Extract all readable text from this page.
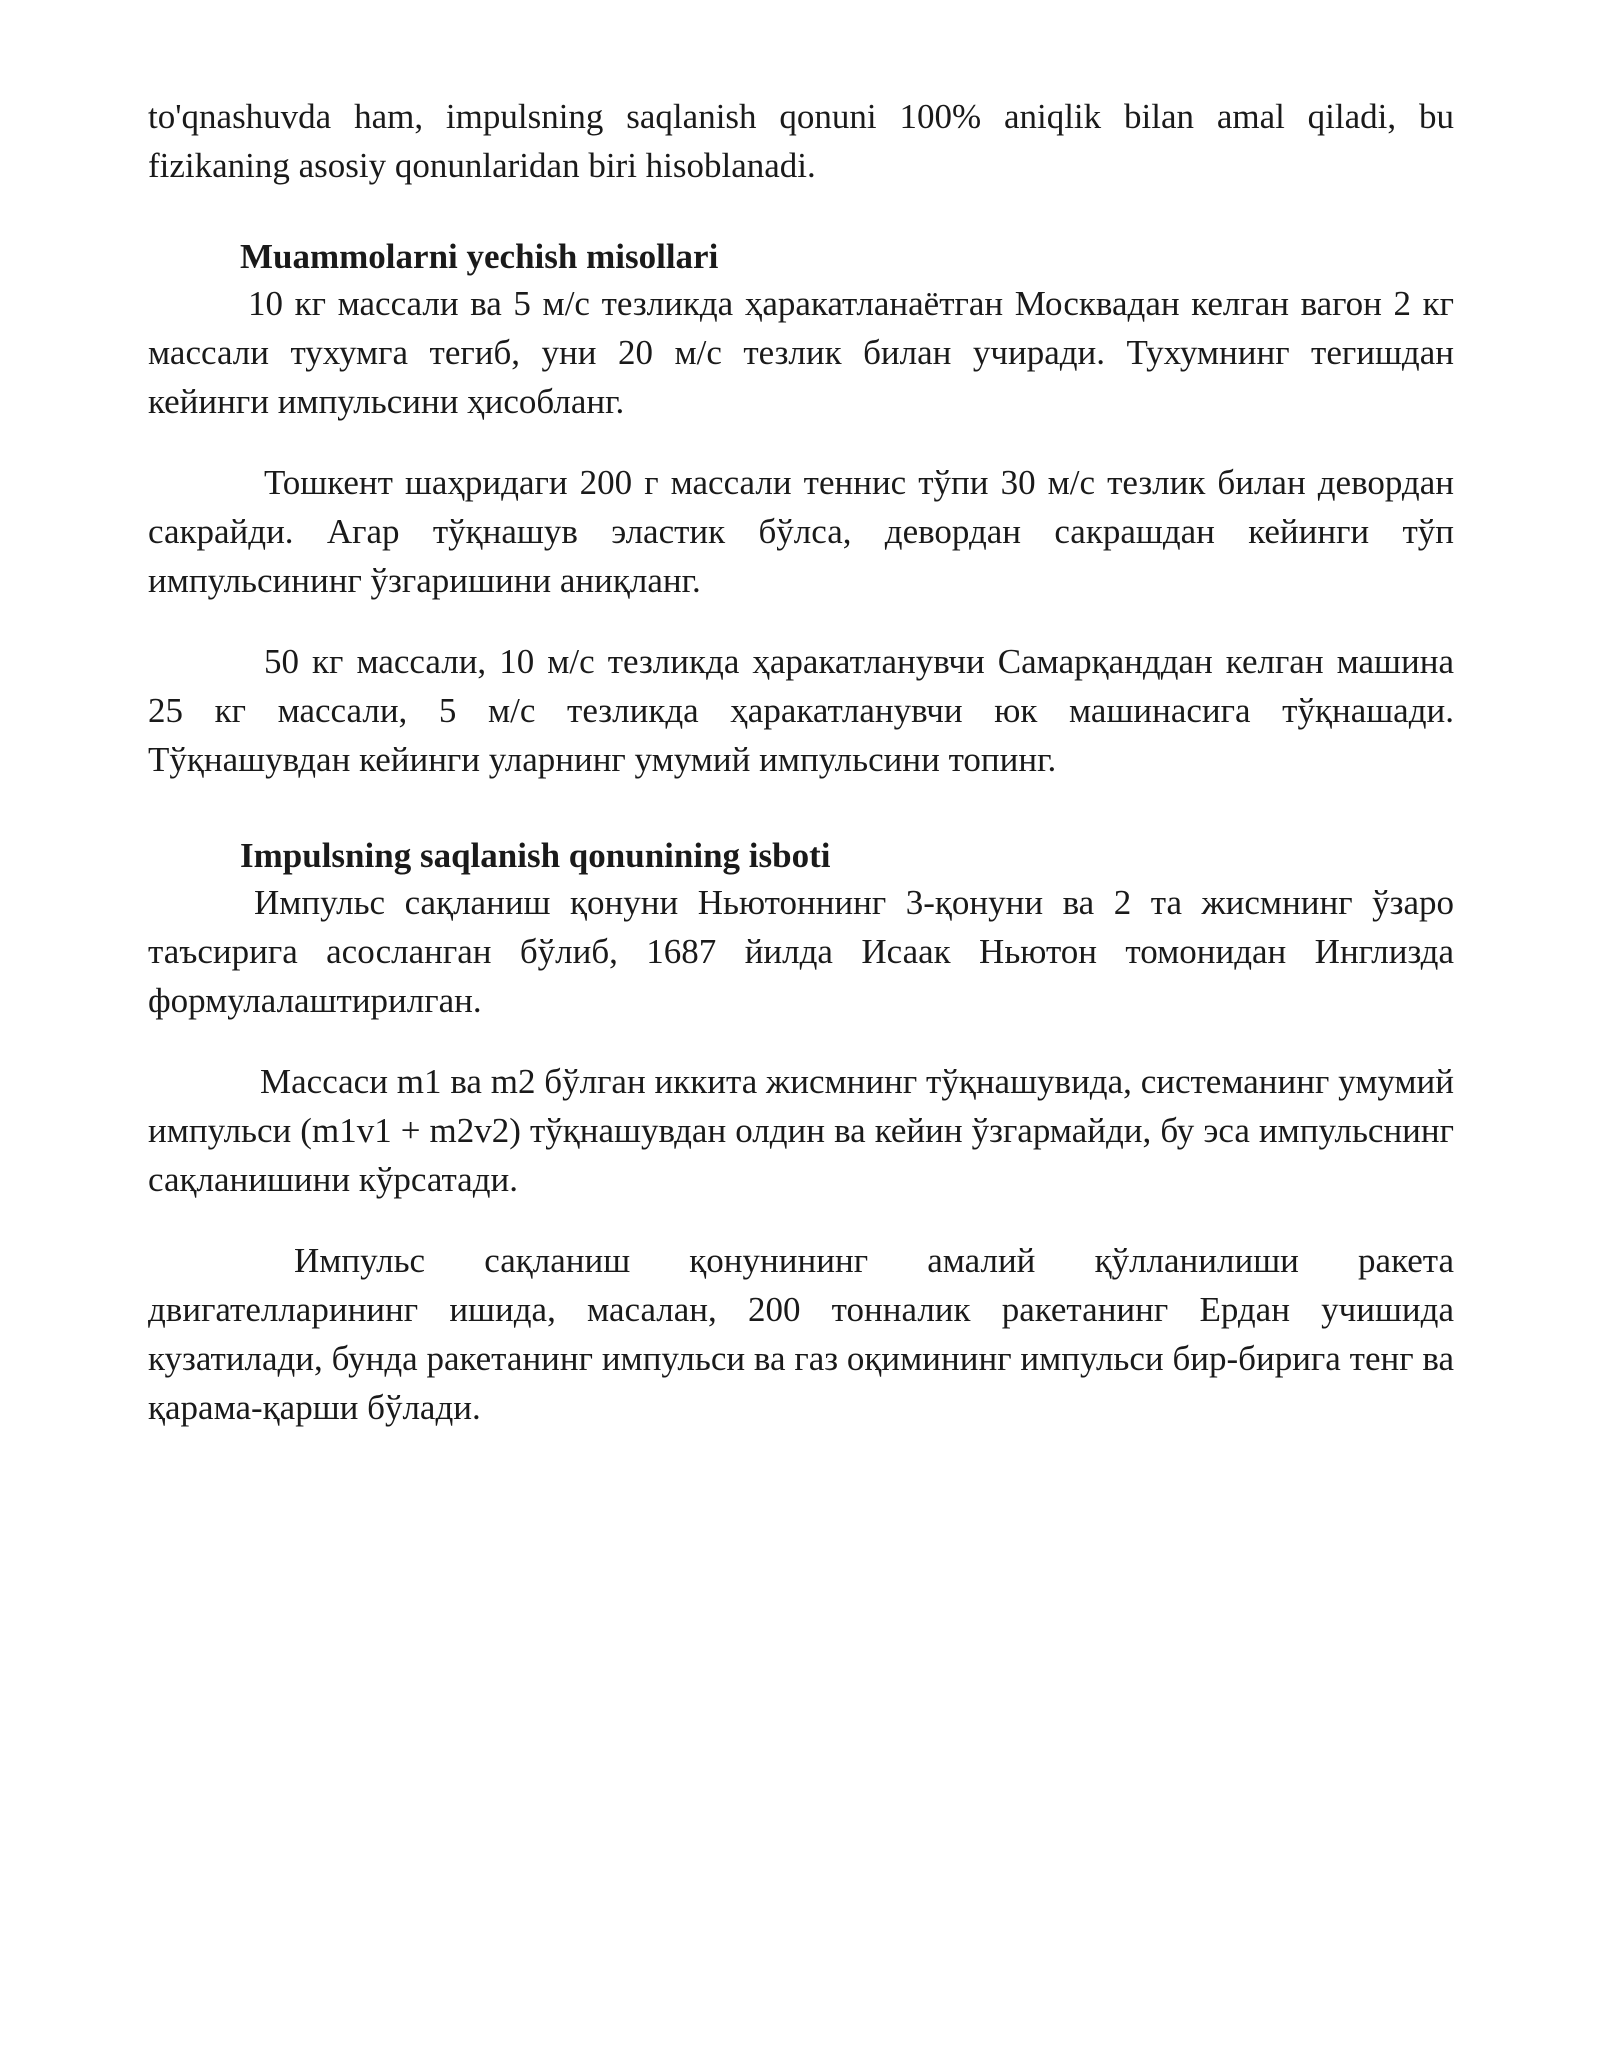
to'qnashuvda ham, impulsning saqlanish qonuni 100% aniqlik bilan amal qiladi, bu fizikaning asosiy qonunlaridan biri hisoblanadi.

Muammolarni yechish misollari

10 кг массали ва 5 м/с тезликда ҳаракатланаётган Москвадан келган вагон 2 кг массали тухумга тегиб, уни 20 м/с тезлик билан учиради. Тухумнинг тегишдан кейинги импульсини ҳисобланг.

Тошкент шаҳридаги 200 г массали теннис тўпи 30 м/с тезлик билан девордан сакрайди. Агар тўқнашув эластик бўлса, девордан сакрашдан кейинги тўп импульсининг ўзгаришини аниқланг.

50 кг массали, 10 м/с тезликда ҳаракатланувчи Самарқанддан келган машина 25 кг массали, 5 м/с тезликда ҳаракатланувчи юк машинасига тўқнашади. Тўқнашувдан кейинги уларнинг умумий импульсини топинг.

Impulsning saqlanish qonunining isboti

Импульс сақланиш қонуни Ньютоннинг 3-қонуни ва 2 та жисмнинг ўзаро таъсирига асосланган бўлиб, 1687 йилда Исаак Ньютон томонидан Инглизда формулалаштирилган.

Массаси m1 ва m2 бўлган иккита жисмнинг тўқнашувида, системанинг умумий импульси (m1v1 + m2v2) тўқнашувдан олдин ва кейин ўзгармайди, бу эса импульснинг сақланишини кўрсатади.

Импульс сақланиш қонунининг амалий қўлланилиши ракета двигателларининг ишида, масалан, 200 тонналик ракетанинг Ердан учишида кузатилади, бунда ракетанинг импульси ва газ оқимининг импульси бир-бирига тенг ва қарама-қарши бўлади.
